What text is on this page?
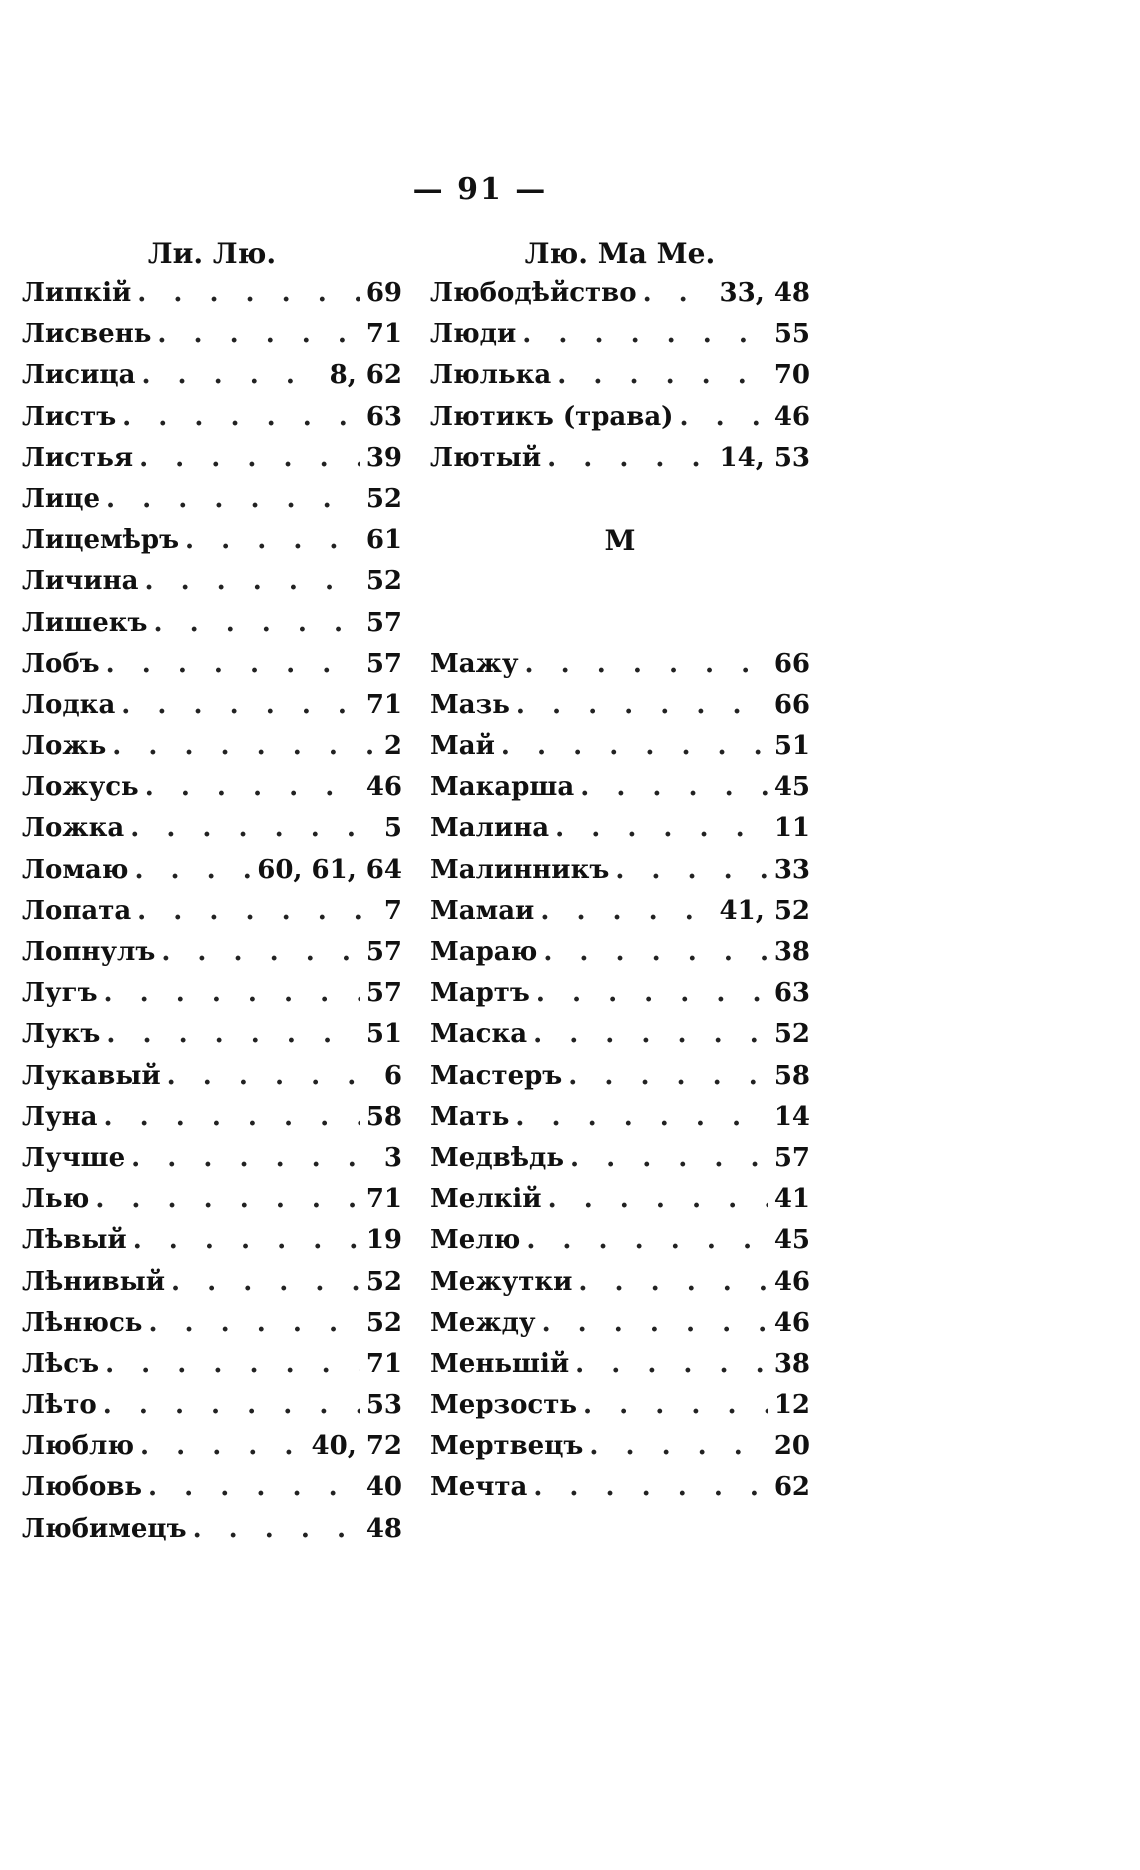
— 91 —
Ли. Лю.
Липкій . . .	69
Лисвень . . .	71
Лисица . . .	8, 62
Листъ . . .	63
Листья . . .	39
Лице . . .	52
Лицемѣръ . . .	61
Личина . . .	52
Лишекъ . . .	57
Лобъ . . .	57
Лодка . . .	71
Ложь . . .	2
Ложусь . . .	46
Ложка . . .	5
Ломаю . . .	60, 61, 64
Лопата . . .	7
Лопнулъ . . .	57
Лугъ . . .	57
Лукъ . . .	51
Лукавый . . .	6
Луна . . .	58
Лучше . . .	3
Лью . . .	71
Лѣвый . . .	19
Лѣнивый . . .	52
Лѣнюсь . . .	52
Лѣсъ . . .	71
Лѣто . . .	53
Люблю . . .	40, 72
Любовь . . .	40
Любимецъ . . .	48
Лю. Ма Ме.
Любодѣйство . . .	33, 48
Люди . . .	55
Люлька . . .	70
Лютикъ (трава) . . .	46
Лютый . . .	14, 53
М
Мажу . . .	66
Мазь . . .	66
Май . . .	51
Макарша . . .	45
Малина . . .	11
Малинникъ . . .	33
Мамаи . . .	41, 52
Мараю . . .	38
Мартъ . . .	63
Маска . . .	52
Мастеръ . . .	58
Мать . . .	14
Медвѣдь . . .	57
Мелкій . . .	41
Мелю . . .	45
Межутки . . .	46
Между . . .	46
Меньшій . . .	38
Мерзость . . .	12
Мертвецъ . . .	20
Мечта . . .	62
